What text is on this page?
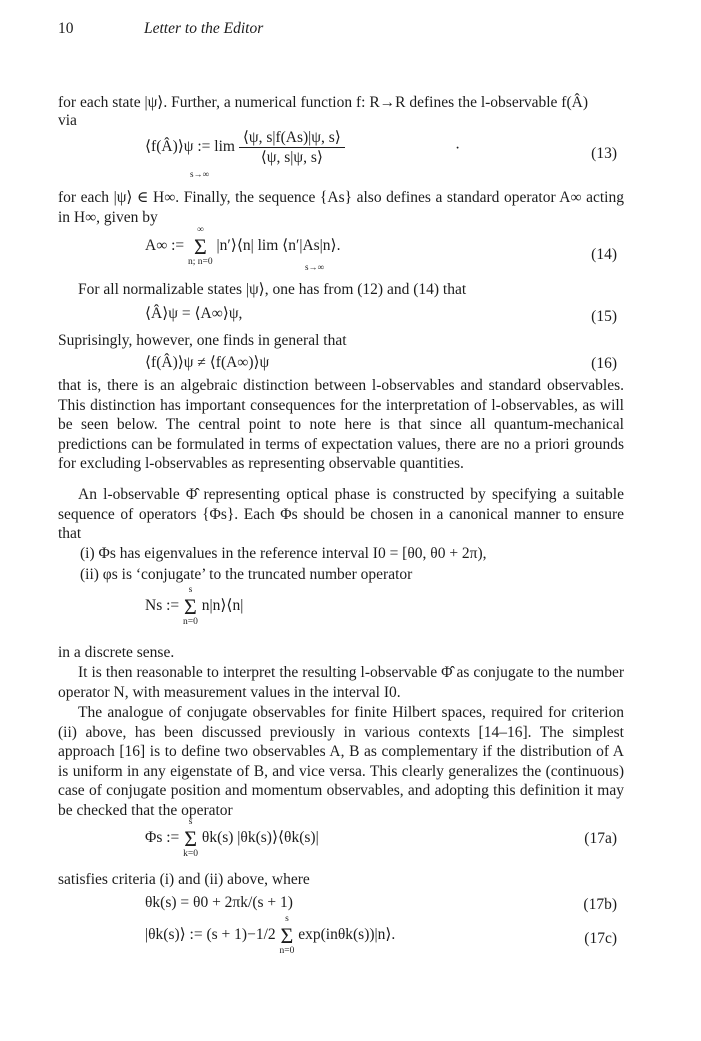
10	Letter to the Editor
for each state |ψ⟩. Further, a numerical function f: R→R defines the l-observable f(Â)
via
⟨f(Â)⟩ψ := $\lim \frac{⟨\psi, s|f(As)|\psi, s⟩}{⟨\psi, s|\psi, s⟩}$
s→∞
·	(13)
for each |ψ⟩ ∈ H∞. Finally, the sequence {As} also defines a standard operator A∞ acting in H∞, given by
A∞ :=
∞
Σ
n; n=0
|n′⟩⟨n| lim ⟨n′|As|n⟩.
s→∞
(14)
For all normalizable states |ψ⟩, one has from (12) and (14) that
⟨Â⟩ψ = ⟨A∞⟩ψ,	(15)
Suprisingly, however, one finds in general that
⟨f(Â)⟩ψ ≠ ⟨f(A∞)⟩ψ	(16)
that is, there is an algebraic distinction between l-observables and standard observables. This distinction has important consequences for the interpretation of l-observables, as will be seen below. The central point to note here is that since all quantum-mechanical predictions can be formulated in terms of expectation values, there are no a priori grounds for excluding l-observables as representing observable quantities.
An l-observable Φ̂ representing optical phase is constructed by specifying a suitable sequence of operators {Φs}. Each Φs should be chosen in a canonical manner to ensure that
(i) Φs has eigenvalues in the reference interval I0 = [θ0, θ0 + 2π),
(ii) φs is ‘conjugate’ to the truncated number operator
Ns :=
s
Σ
n=0
n|n⟩⟨n|
in a discrete sense.
It is then reasonable to interpret the resulting l-observable Φ̂ as conjugate to the number operator N, with measurement values in the interval I0.
The analogue of conjugate observables for finite Hilbert spaces, required for criterion (ii) above, has been discussed previously in various contexts [14–16]. The simplest approach [16] is to define two observables A, B as complementary if the distribution of A is uniform in any eigenstate of B, and vice versa. This clearly generalizes the (continuous) case of conjugate position and momentum observables, and adopting this definition it may be checked that the operator
Φs :=
s
Σ
k=0
θk(s) |θk(s)⟩⟨θk(s)|	(17a)
satisfies criteria (i) and (ii) above, where
θk(s) = θ0 + 2πk/(s + 1)	(17b)
|θk(s)⟩ := (s + 1)−1/2
s
Σ
n=0
exp(inθk(s))|n⟩.	(17c)
